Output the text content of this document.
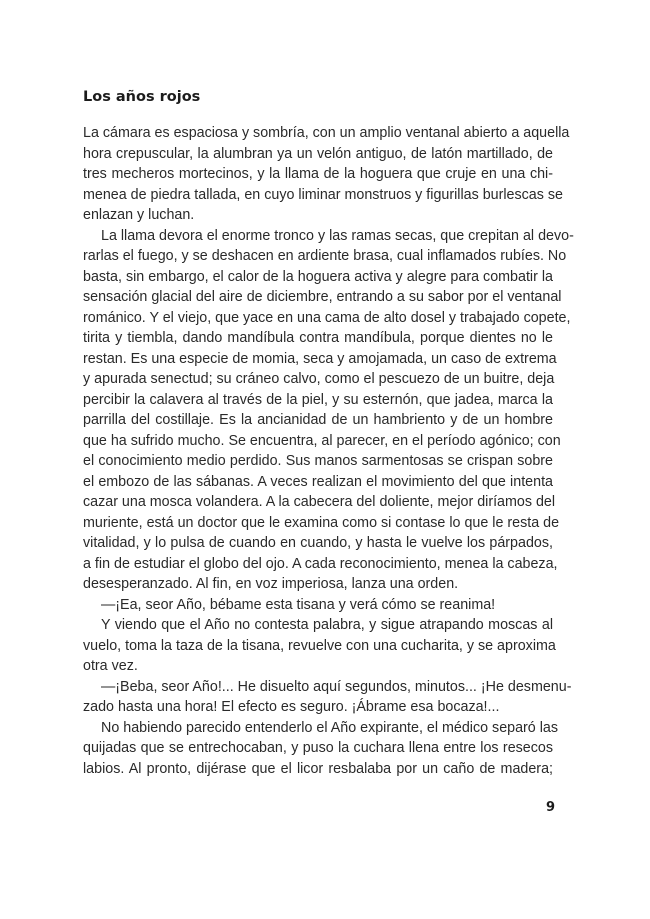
Los años rojos
La cámara es espaciosa y sombría, con un amplio ventanal abierto a aquella
hora crepuscular, la alumbran ya un velón antiguo, de latón martillado, de
tres mecheros mortecinos, y la llama de la hoguera que cruje en una chi-
menea de piedra tallada, en cuyo liminar monstruos y figurillas burlescas se
enlazan y luchan.
La llama devora el enorme tronco y las ramas secas, que crepitan al devo-
rarlas el fuego, y se deshacen en ardiente brasa, cual inflamados rubíes. No
basta, sin embargo, el calor de la hoguera activa y alegre para combatir la
sensación glacial del aire de diciembre, entrando a su sabor por el ventanal
románico. Y el viejo, que yace en una cama de alto dosel y trabajado copete,
tirita y tiembla, dando mandíbula contra mandíbula, porque dientes no le
restan. Es una especie de momia, seca y amojamada, un caso de extrema
y apurada senectud; su cráneo calvo, como el pescuezo de un buitre, deja
percibir la calavera al través de la piel, y su esternón, que jadea, marca la
parrilla del costillaje. Es la ancianidad de un hambriento y de un hombre
que ha sufrido mucho. Se encuentra, al parecer, en el período agónico; con
el conocimiento medio perdido. Sus manos sarmentosas se crispan sobre
el embozo de las sábanas. A veces realizan el movimiento del que intenta
cazar una mosca volandera. A la cabecera del doliente, mejor diríamos del
muriente, está un doctor que le examina como si contase lo que le resta de
vitalidad, y lo pulsa de cuando en cuando, y hasta le vuelve los párpados,
a fin de estudiar el globo del ojo. A cada reconocimiento, menea la cabeza,
desesperanzado. Al fin, en voz imperiosa, lanza una orden.
—¡Ea, seor Año, bébame esta tisana y verá cómo se reanima!
Y viendo que el Año no contesta palabra, y sigue atrapando moscas al
vuelo, toma la taza de la tisana, revuelve con una cucharita, y se aproxima
otra vez.
—¡Beba, seor Año!... He disuelto aquí segundos, minutos... ¡He desmenu-
zado hasta una hora! El efecto es seguro. ¡Ábrame esa bocaza!...
No habiendo parecido entenderlo el Año expirante, el médico separó las
quijadas que se entrechocaban, y puso la cuchara llena entre los resecos
labios. Al pronto, dijérase que el licor resbalaba por un caño de madera;
9
